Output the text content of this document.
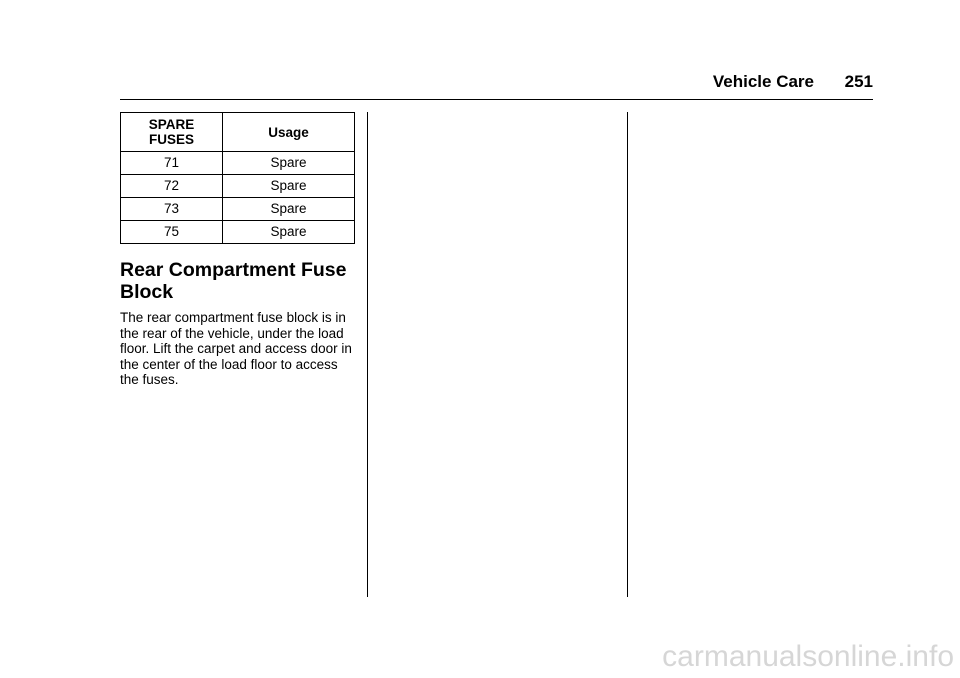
Vehicle Care 251
SPARE
FUSES	Usage
71	Spare
72	Spare
73	Spare
75	Spare
Rear Compartment Fuse Block
The rear compartment fuse block is in the rear of the vehicle, under the load floor. Lift the carpet and access door in the center of the load floor to access the fuses.
carmanualsonline.info
